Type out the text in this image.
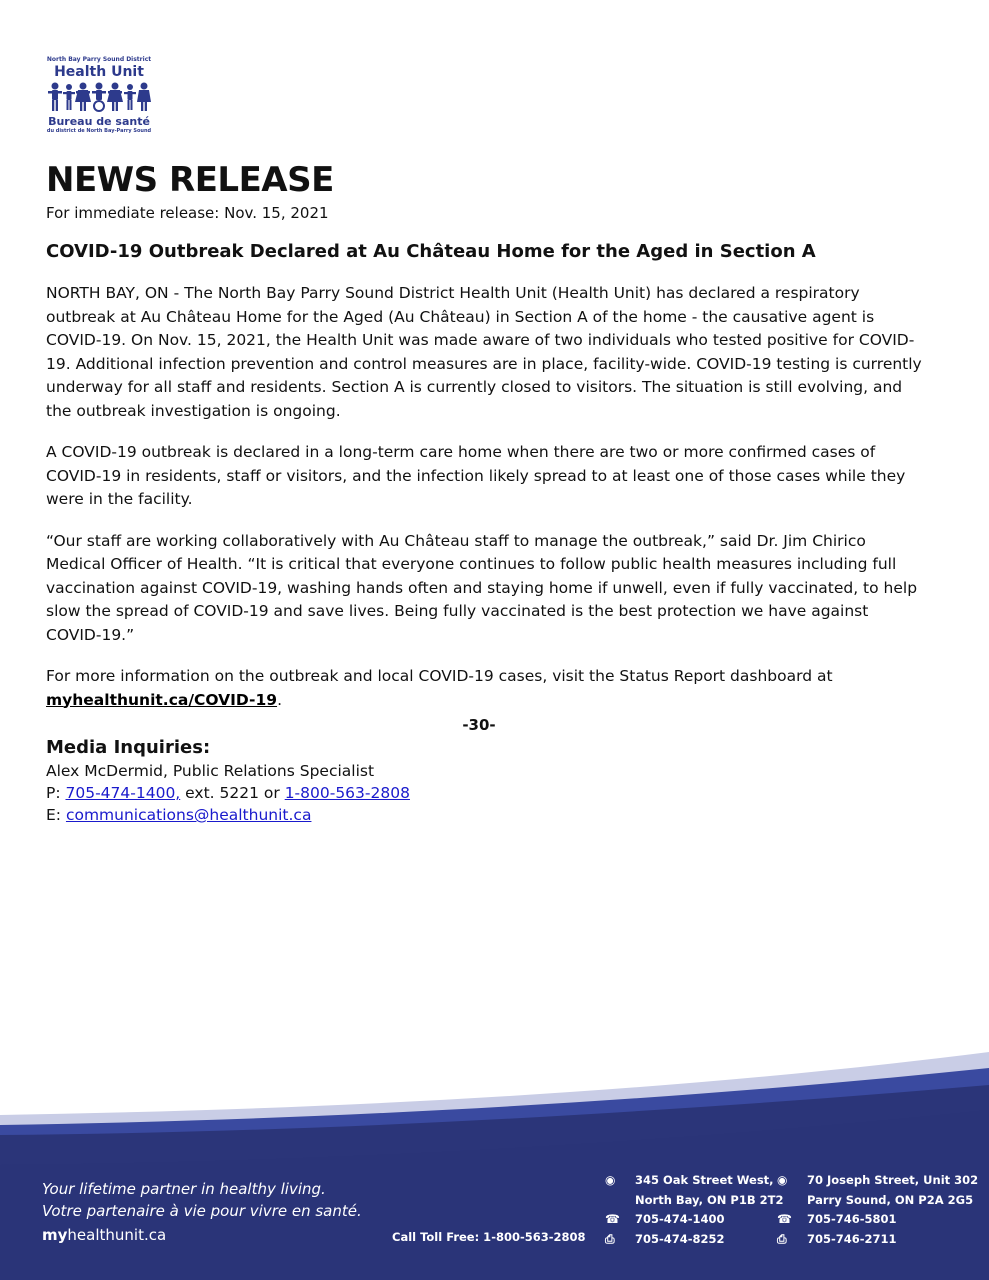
North Bay Parry Sound District
Health Unit
Bureau de santé
du district de North Bay-Parry Sound
NEWS RELEASE

For immediate release: Nov. 15, 2021

COVID-19 Outbreak Declared at Au Château Home for the Aged in Section A

NORTH BAY, ON - The North Bay Parry Sound District Health Unit (Health Unit) has declared a respiratory outbreak at Au Château Home for the Aged (Au Château) in Section A of the home - the causative agent is COVID-19. On Nov. 15, 2021, the Health Unit was made aware of two individuals who tested positive for COVID-19. Additional infection prevention and control measures are in place, facility-wide. COVID-19 testing is currently underway for all staff and residents. Section A is currently closed to visitors. The situation is still evolving, and the outbreak investigation is ongoing.

A COVID-19 outbreak is declared in a long-term care home when there are two or more confirmed cases of COVID-19 in residents, staff or visitors, and the infection likely spread to at least one of those cases while they were in the facility.

“Our staff are working collaboratively with Au Château staff to manage the outbreak,” said Dr. Jim Chirico Medical Officer of Health. “It is critical that everyone continues to follow public health measures including full vaccination against COVID-19, washing hands often and staying home if unwell, even if fully vaccinated, to help slow the spread of COVID-19 and save lives. Being fully vaccinated is the best protection we have against COVID-19.”

For more information on the outbreak and local COVID-19 cases, visit the Status Report dashboard at myhealthunit.ca/COVID-19.

-30-

Media Inquiries:

Alex McDermid, Public Relations Specialist

P: 705-474-1400, ext. 5221 or 1-800-563-2808

E: communications@healthunit.ca

Your lifetime partner in healthy living.
Votre partenaire à vie pour vivre en santé.
myhealthunit.ca	Call Toll Free: 1-800-563-2808
◉	345 Oak Street West,
North Bay, ON P1B 2T2
☎	705-474-1400
⎙	705-474-8252
◉	70 Joseph Street, Unit 302
Parry Sound, ON P2A 2G5
☎	705-746-5801
⎙	705-746-2711
